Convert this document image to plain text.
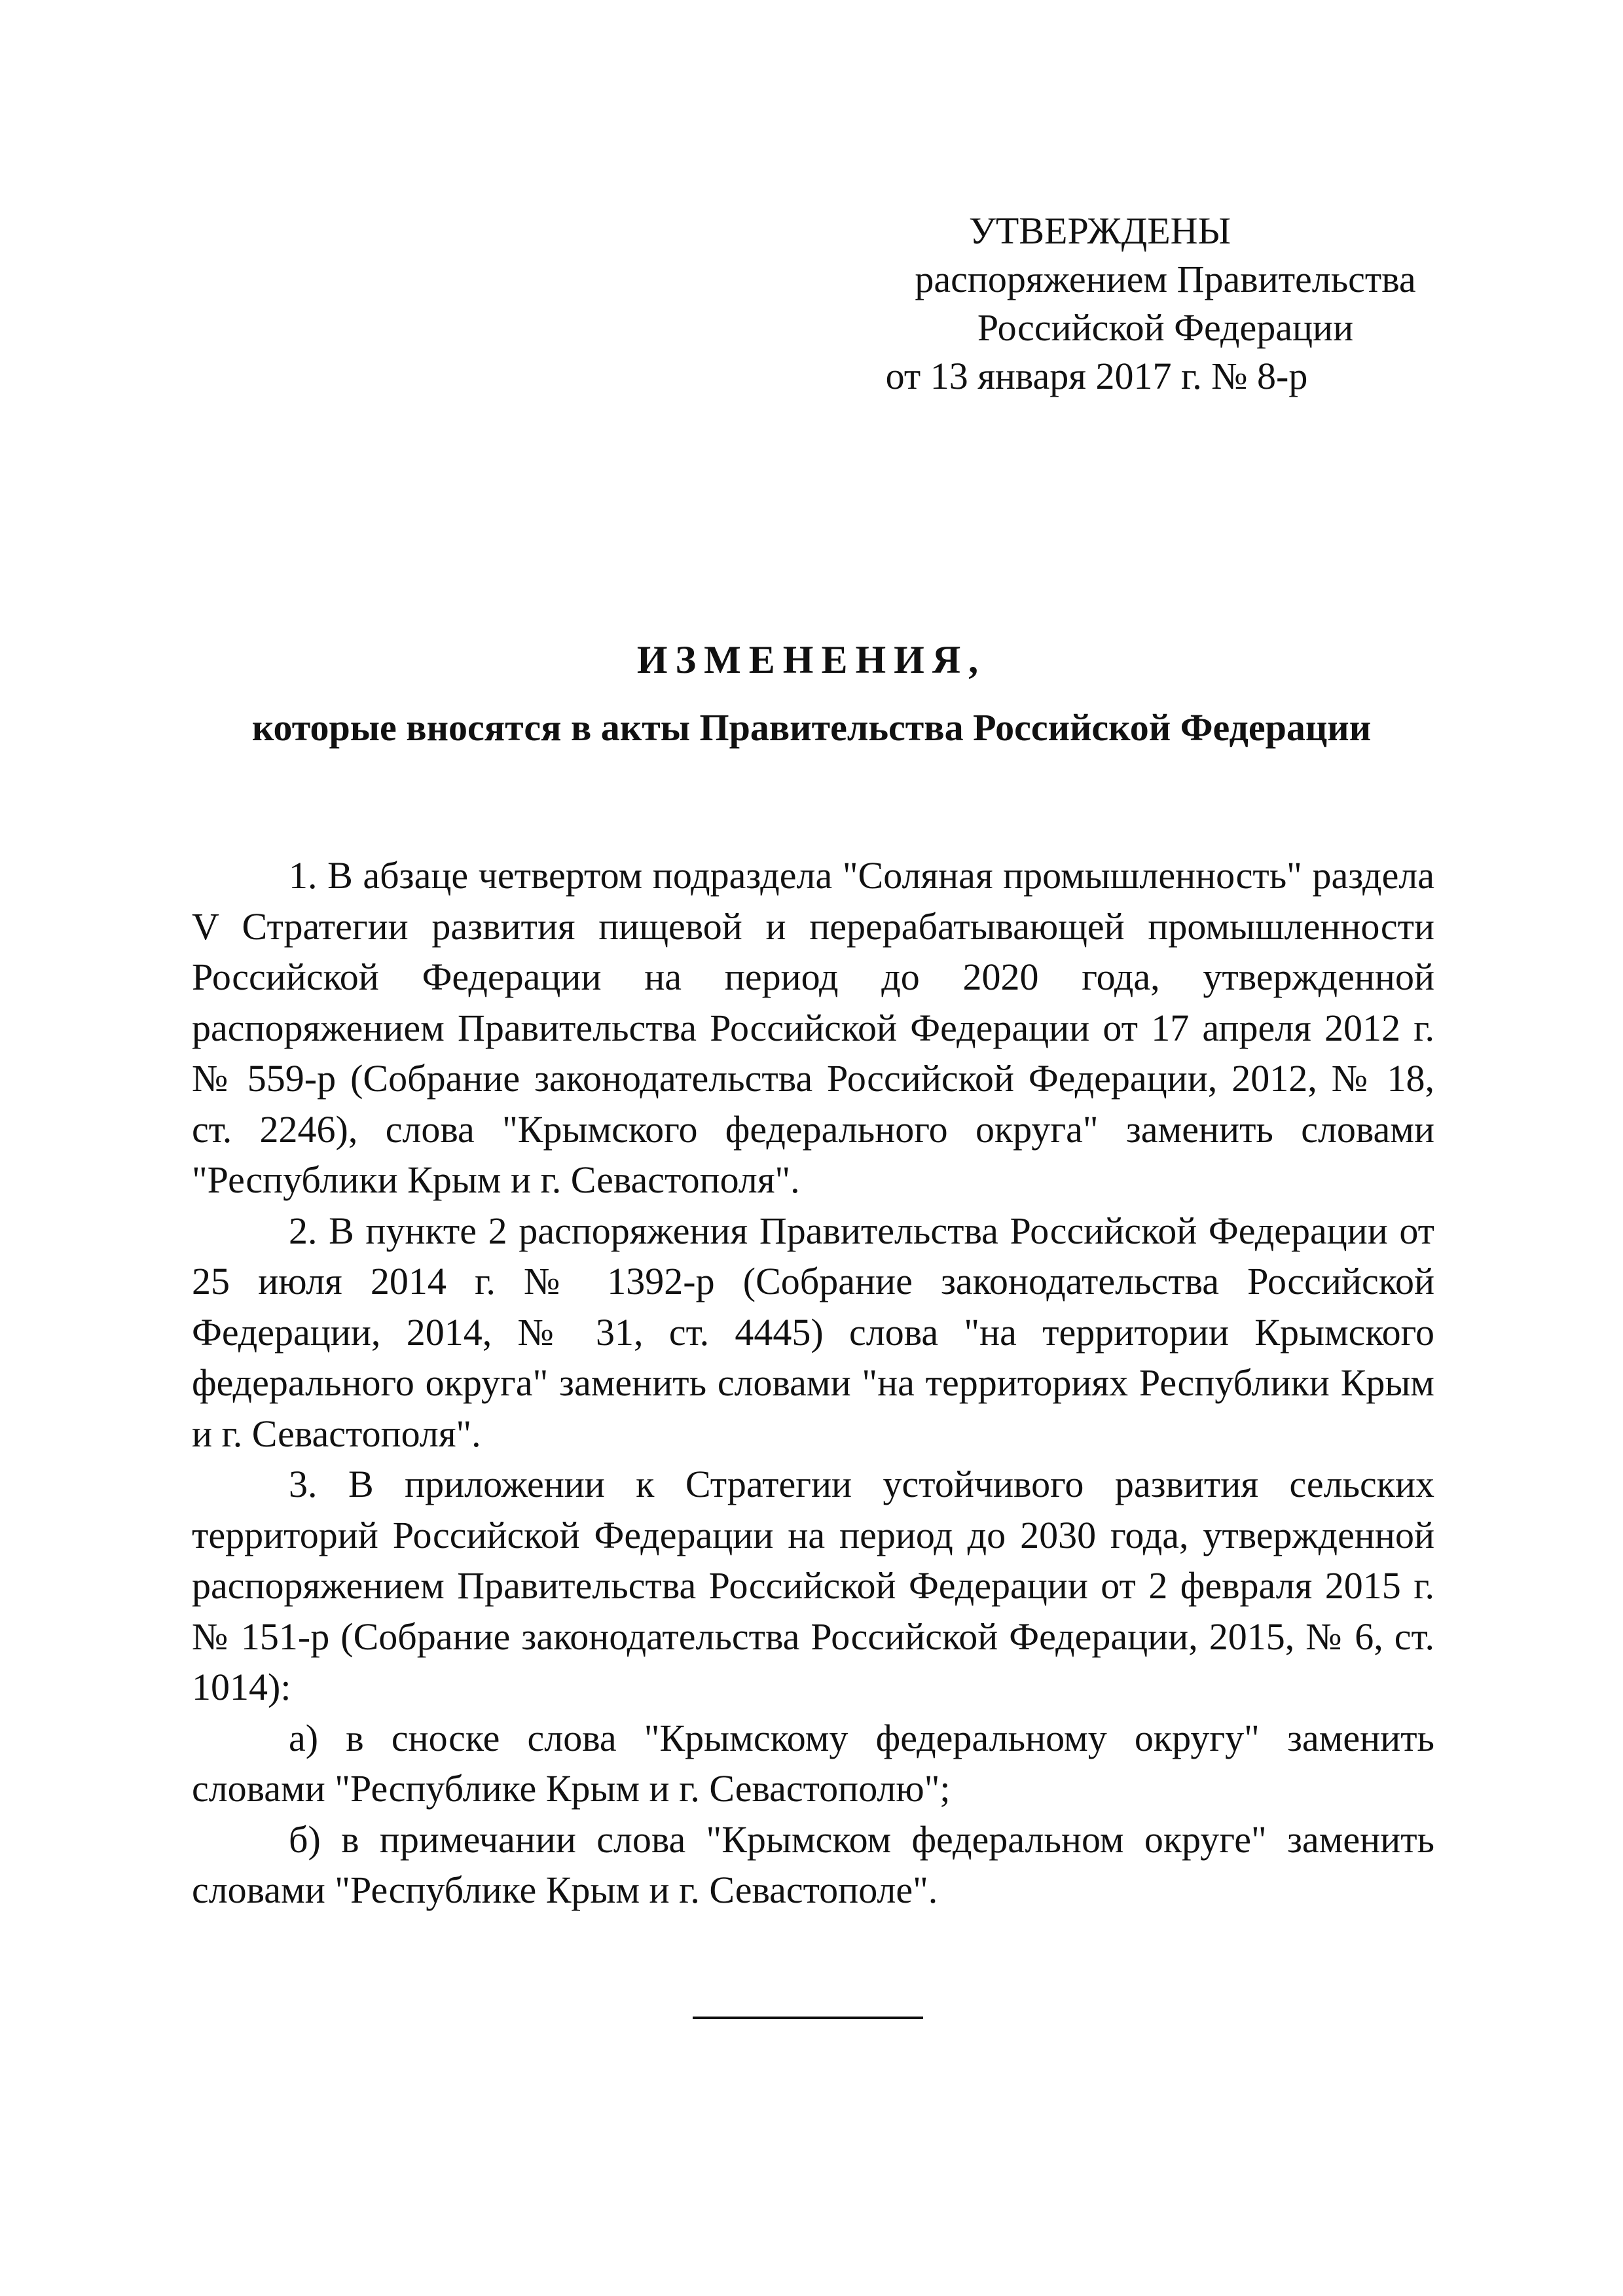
УТВЕРЖДЕНЫ
распоряжением Правительства
Российской Федерации
от 13 января 2017 г. № 8-р
ИЗМЕНЕНИЯ,
которые вносятся в акты Правительства Российской Федерации

1. В абзаце четвертом подраздела "Соляная промышленность" раздела V Стратегии развития пищевой и перерабатывающей промышленности Российской Федерации на период до 2020 года, утвержденной распоряжением Правительства Российской Федерации от 17 апреля 2012 г. № 559-р (Собрание законодательства Российской Федерации, 2012, № 18, ст. 2246), слова "Крымского федерального округа" заменить словами "Республики Крым и г. Севастополя".

2. В пункте 2 распоряжения Правительства Российской Федерации от 25 июля 2014 г. № 1392-р (Собрание законодательства Российской Федерации, 2014, № 31, ст. 4445) слова "на территории Крымского федерального округа" заменить словами "на территориях Республики Крым и г. Севастополя".

3. В приложении к Стратегии устойчивого развития сельских территорий Российской Федерации на период до 2030 года, утвержденной распоряжением Правительства Российской Федерации от 2 февраля 2015 г. № 151-р (Собрание законодательства Российской Федерации, 2015, № 6, ст. 1014):

а) в сноске слова "Крымскому федеральному округу" заменить словами "Республике Крым и г. Севастополю";

б) в примечании слова "Крымском федеральном округе" заменить словами "Республике Крым и г. Севастополе".
